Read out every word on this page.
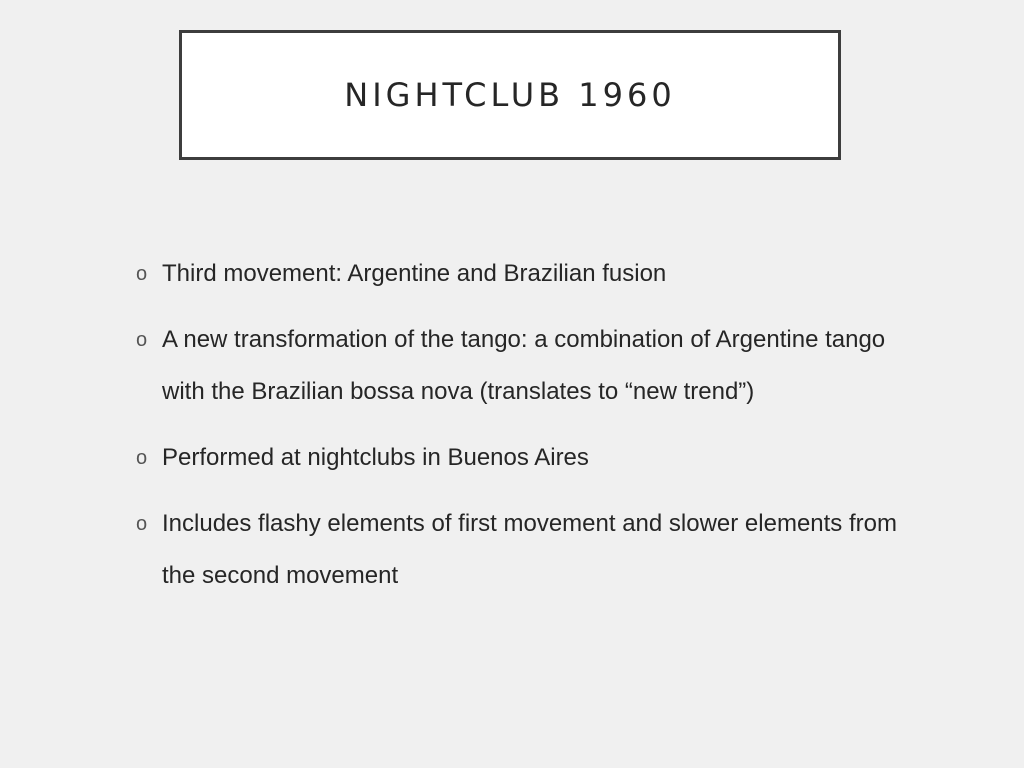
NIGHTCLUB 1960
o Third movement: Argentine and Brazilian fusion
o A new transformation of the tango: a combination of Argentine tango with the Brazilian bossa nova (translates to “new trend”)
o Performed at nightclubs in Buenos Aires
o Includes flashy elements of first movement and slower elements from the second movement
